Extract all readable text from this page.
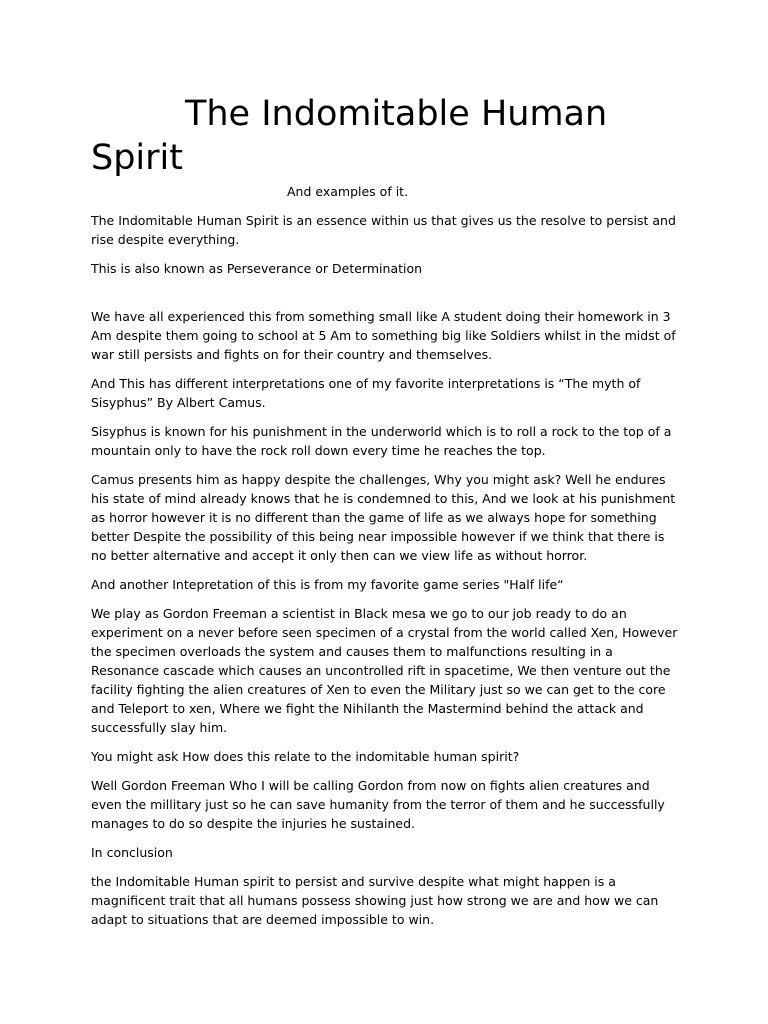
The Indomitable Human Spirit

And examples of it.

The Indomitable Human Spirit is an essence within us that gives us the resolve to persist and rise despite everything.

This is also known as Perseverance or Determination

We have all experienced this from something small like A student doing their homework in 3 Am despite them going to school at 5 Am to something big like Soldiers whilst in the midst of war still persists and fights on for their country and themselves.

And This has different interpretations one of my favorite interpretations is “The myth of Sisyphus” By Albert Camus.

Sisyphus is known for his punishment in the underworld which is to roll a rock to the top of a mountain only to have the rock roll down every time he reaches the top.

Camus presents him as happy despite the challenges, Why you might ask? Well he endures his state of mind already knows that he is condemned to this, And we look at his punishment as horror however it is no different than the game of life as we always hope for something better Despite the possibility of this being near impossible however if we think that there is no better alternative and accept it only then can we view life as without horror.

And another Intepretation of this is from my favorite game series "Half life“

We play as Gordon Freeman a scientist in Black mesa we go to our job ready to do an experiment on a never before seen specimen of a crystal from the world called Xen, However the specimen overloads the system and causes them to malfunctions resulting in a Resonance cascade which causes an uncontrolled rift in spacetime, We then venture out the facility fighting the alien creatures of Xen to even the Military just so we can get to the core and Teleport to xen, Where we fight the Nihilanth the Mastermind behind the attack and successfully slay him.

You might ask How does this relate to the indomitable human spirit?

Well Gordon Freeman Who I will be calling Gordon from now on fights alien creatures and even the millitary just so he can save humanity from the terror of them and he successfully manages to do so despite the injuries he sustained.

In conclusion

the Indomitable Human spirit to persist and survive despite what might happen is a magnificent trait that all humans possess showing just how strong we are and how we can adapt to situations that are deemed impossible to win.
